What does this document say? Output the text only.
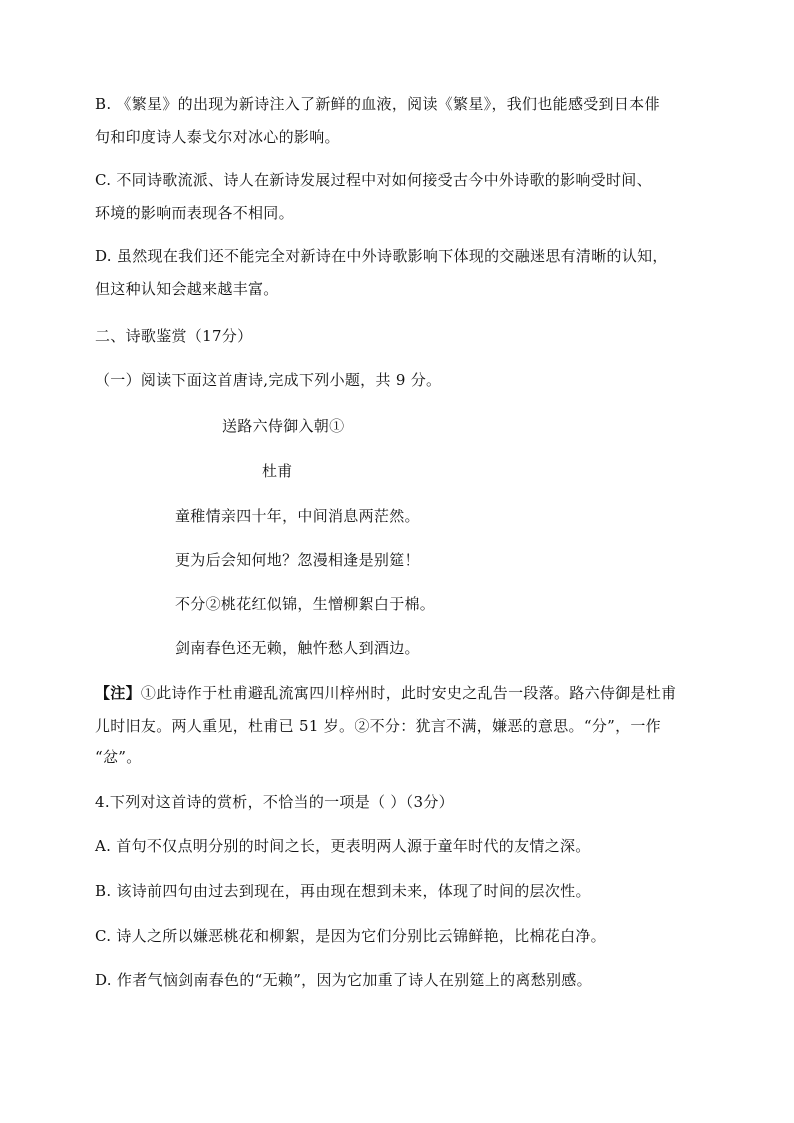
B. 《繁星》的出现为新诗注入了新鲜的血液，阅读《繁星》，我们也能感受到日本俳
句和印度诗人泰戈尔对冰心的影响。
C. 不同诗歌流派、诗人在新诗发展过程中对如何接受古今中外诗歌的影响受时间、
环境的影响而表现各不相同。
D. 虽然现在我们还不能完全对新诗在中外诗歌影响下体现的交融迷思有清晰的认知，
但这种认知会越来越丰富。
二、诗歌鉴赏（17分）
（一）阅读下面这首唐诗,完成下列小题，共 9 分。
送路六侍御入朝①
杜甫
童稚情亲四十年，中间消息两茫然。
更为后会知何地？忽漫相逢是别筵！
不分②桃花红似锦，生憎柳絮白于棉。
剑南春色还无赖，触忤愁人到酒边。
【注】①此诗作于杜甫避乱流寓四川梓州时，此时安史之乱告一段落。路六侍御是杜甫
儿时旧友。两人重见，杜甫已 51 岁。②不分：犹言不满，嫌恶的意思。“分”，一作
“忿”。
4.下列对这首诗的赏析，不恰当的一项是（ ）（3分）
A. 首句不仅点明分别的时间之长，更表明两人源于童年时代的友情之深。
B. 该诗前四句由过去到现在，再由现在想到未来，体现了时间的层次性。
C. 诗人之所以嫌恶桃花和柳絮，是因为它们分别比云锦鲜艳，比棉花白净。
D. 作者气恼剑南春色的“无赖”，因为它加重了诗人在别筵上的离愁别感。
